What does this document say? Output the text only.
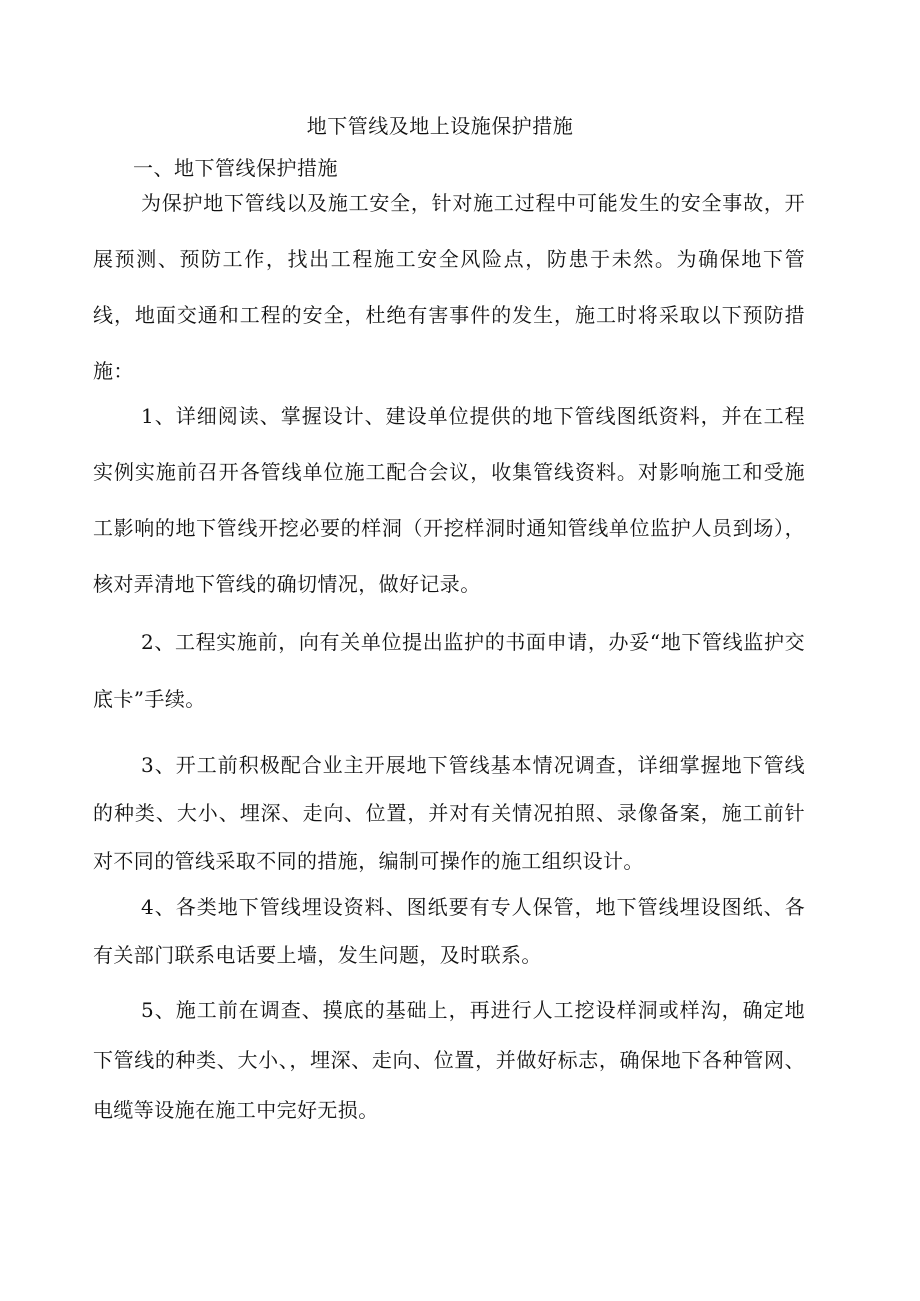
地下管线及地上设施保护措施
一、地下管线保护措施

为保护地下管线以及施工安全，针对施工过程中可能发生的安全事故，开展预测、预防工作，找出工程施工安全风险点，防患于未然。为确保地下管线，地面交通和工程的安全，杜绝有害事件的发生，施工时将采取以下预防措施：

1、详细阅读、掌握设计、建设单位提供的地下管线图纸资料，并在工程实例实施前召开各管线单位施工配合会议，收集管线资料。对影响施工和受施工影响的地下管线开挖必要的样洞（开挖样洞时通知管线单位监护人员到场），核对弄清地下管线的确切情况，做好记录。

2、工程实施前，向有关单位提出监护的书面申请，办妥“地下管线监护交底卡”手续。

3、开工前积极配合业主开展地下管线基本情况调查，详细掌握地下管线的种类、大小、埋深、走向、位置，并对有关情况拍照、录像备案，施工前针对不同的管线采取不同的措施，编制可操作的施工组织设计。

4、各类地下管线埋设资料、图纸要有专人保管，地下管线埋设图纸、各有关部门联系电话要上墙，发生问题，及时联系。

5、施工前在调查、摸底的基础上，再进行人工挖设样洞或样沟，确定地下管线的种类、大小、，埋深、走向、位置，并做好标志，确保地下各种管网、电缆等设施在施工中完好无损。
